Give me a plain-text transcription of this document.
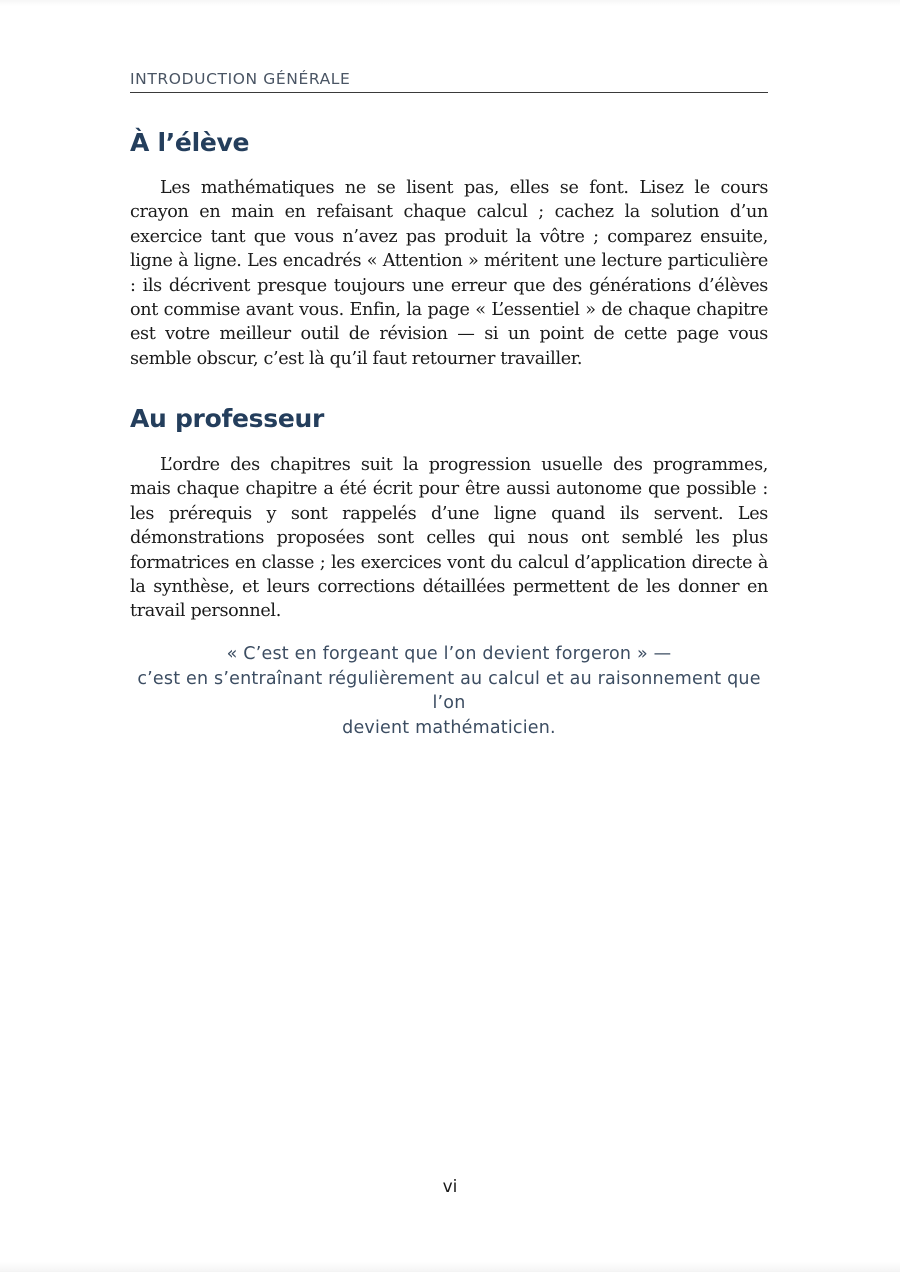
INTRODUCTION GÉNÉRALE
À l’élève

Les mathématiques ne se lisent pas, elles se font. Lisez le cours crayon en main en refaisant chaque calcul ; cachez la solution d’un exercice tant que vous n’avez pas produit la vôtre ; comparez ensuite, ligne à ligne. Les encadrés « Attention » méritent une lecture particulière : ils décrivent presque toujours une erreur que des générations d’élèves ont commise avant vous. Enfin, la page « L’essentiel » de chaque chapitre est votre meilleur outil de révision — si un point de cette page vous semble obscur, c’est là qu’il faut retourner travailler.

Au professeur

L’ordre des chapitres suit la progression usuelle des programmes, mais chaque chapitre a été écrit pour être aussi autonome que possible : les prérequis y sont rappelés d’une ligne quand ils servent. Les démonstrations proposées sont celles qui nous ont semblé les plus formatrices en classe ; les exercices vont du calcul d’application directe à la synthèse, et leurs corrections détaillées permettent de les donner en travail personnel.

« C’est en forgeant que l’on devient forgeron » —
c’est en s’entraînant régulièrement au calcul et au raisonnement que l’on
devient mathématicien.
vi
